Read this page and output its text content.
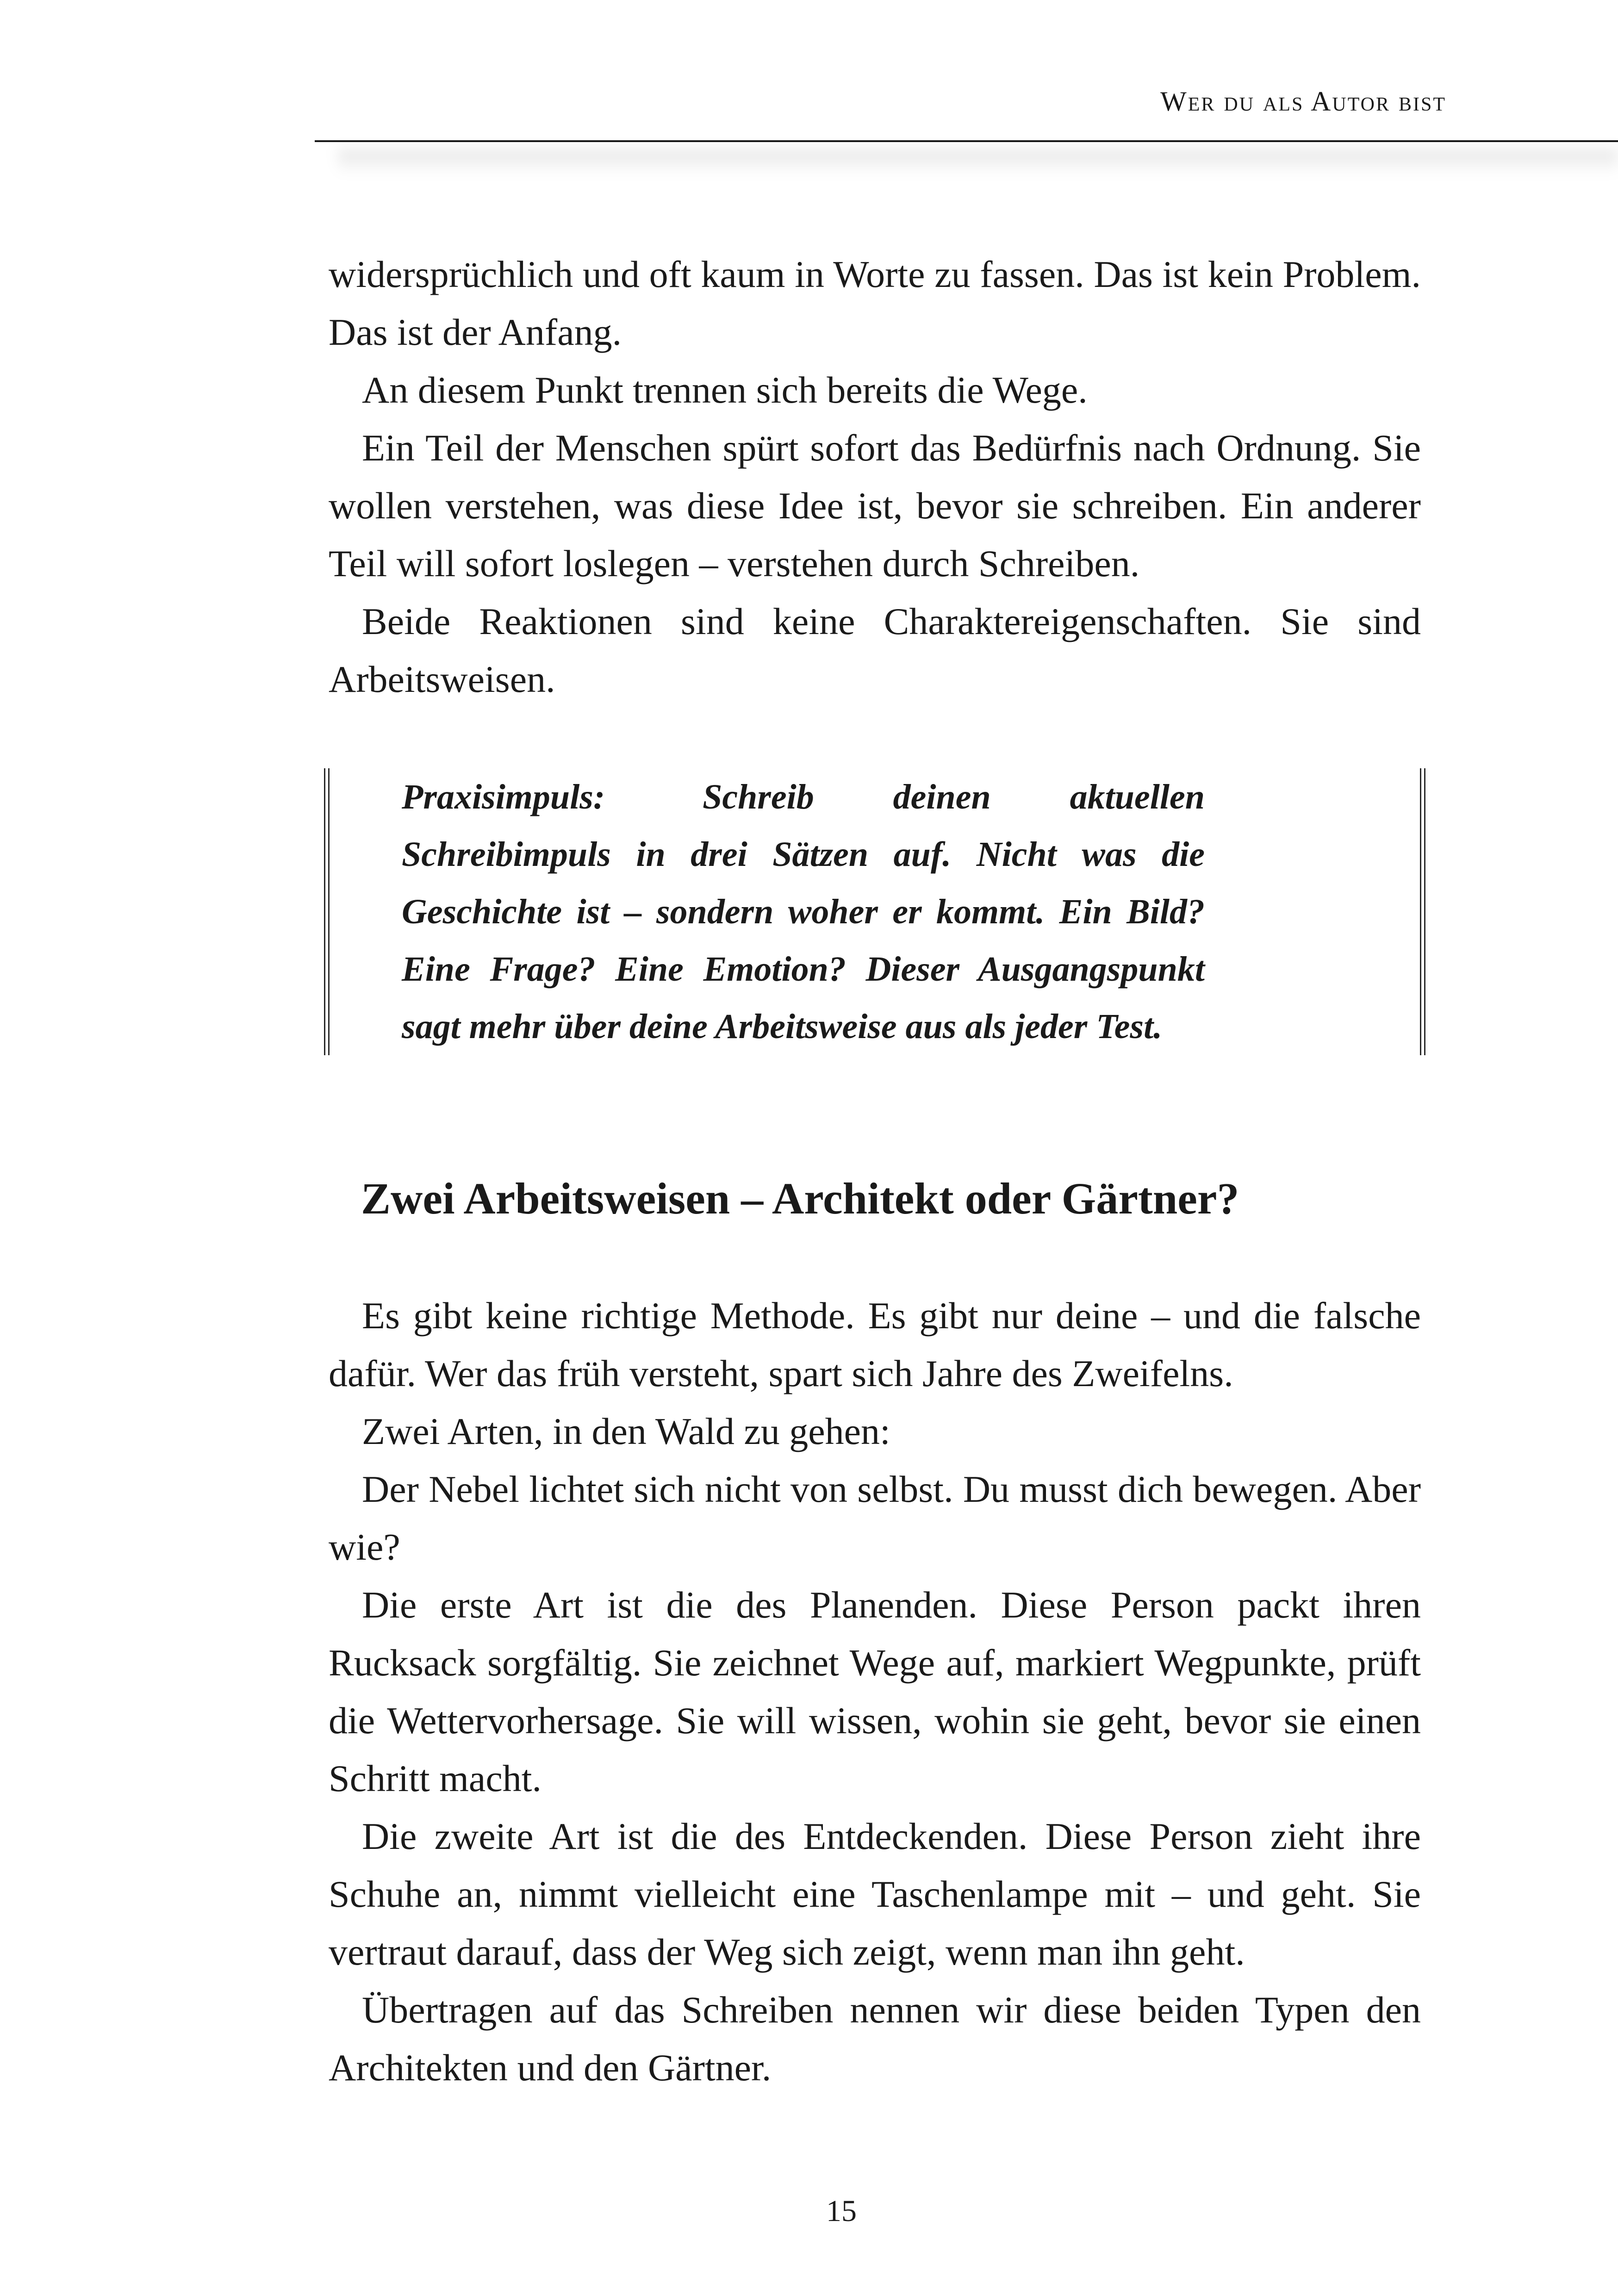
Wer du als Autor bist

widersprüchlich und oft kaum in Worte zu fassen. Das ist kein Problem. Das ist der Anfang.

An diesem Punkt trennen sich bereits die Wege.

Ein Teil der Menschen spürt sofort das Bedürfnis nach Ordnung. Sie wollen verstehen, was diese Idee ist, bevor sie schreiben. Ein anderer Teil will sofort loslegen – verstehen durch Schreiben.

Beide Reaktionen sind keine Charaktereigenschaften. Sie sind Arbeitsweisen.

Praxisimpuls:	Schreib deinen aktuellen Schreibimpuls in drei Sätzen auf. Nicht was die Geschichte ist – sondern woher er kommt. Ein Bild? Eine Frage? Eine Emotion? Dieser Ausgangspunkt sagt mehr über deine Arbeitsweise aus als jeder Test.
Zwei Arbeitsweisen – Architekt oder Gärtner?

Es gibt keine richtige Methode. Es gibt nur deine – und die falsche dafür. Wer das früh versteht, spart sich Jahre des Zweifelns.

Zwei Arten, in den Wald zu gehen:

Der Nebel lichtet sich nicht von selbst. Du musst dich bewegen. Aber wie?

Die erste Art ist die des Planenden. Diese Person packt ihren Rucksack sorgfältig. Sie zeichnet Wege auf, markiert Wegpunkte, prüft die Wettervorhersage. Sie will wissen, wohin sie geht, bevor sie einen Schritt macht.

Die zweite Art ist die des Entdeckenden. Diese Person zieht ihre Schuhe an, nimmt vielleicht eine Taschenlampe mit – und geht. Sie vertraut darauf, dass der Weg sich zeigt, wenn man ihn geht.

Übertragen auf das Schreiben nennen wir diese beiden Typen den Architekten und den Gärtner.

15
